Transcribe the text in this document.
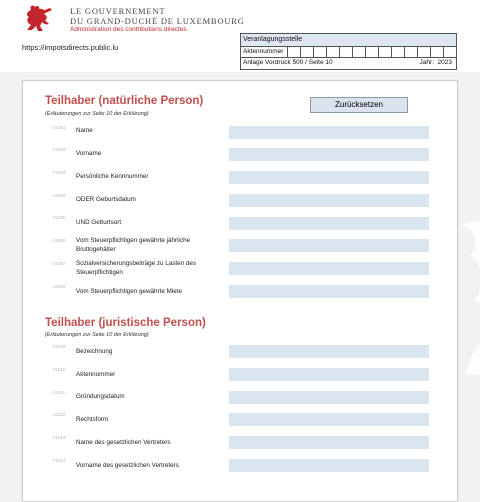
LE GOUVERNEMENT
DU GRAND-DUCHÉ DE LUXEMBOURG
Administration des contributions directes
https://impotsdirects.public.lu
Veranlagungsstelle
Aktennummer
Anlage Vordruck 500 / Seite 10	Jahr: 2023
Teilhaber (natürliche Person)
(Erläuterungen zur Seite 10 der Erklärung)
Zurücksetzen
01001 Name
01002
Vorname
01003
Persönliche Kennnummer
01004
ODER Geburtsdatum
01005
UND Geburtsort
01006 Vom Steuerpflichtigen gewährte jährliche Bruttogehälter
01007 Sozialversicherungsbeiträge zu Lasten des Steuerpflichtigen
01008
Vom Steuerpflichtigen gewährte Miete
Teilhaber (juristische Person)
(Erläuterungen zur Seite 10 der Erklärung)
01009
Bezeichnung
01010
Aktennummer
01011
Gründungsdatum
01012
Rechtsform
01013
Name des gesetzlichen Vertreters
01014
Vorname des gesetzlichen Vertreters
